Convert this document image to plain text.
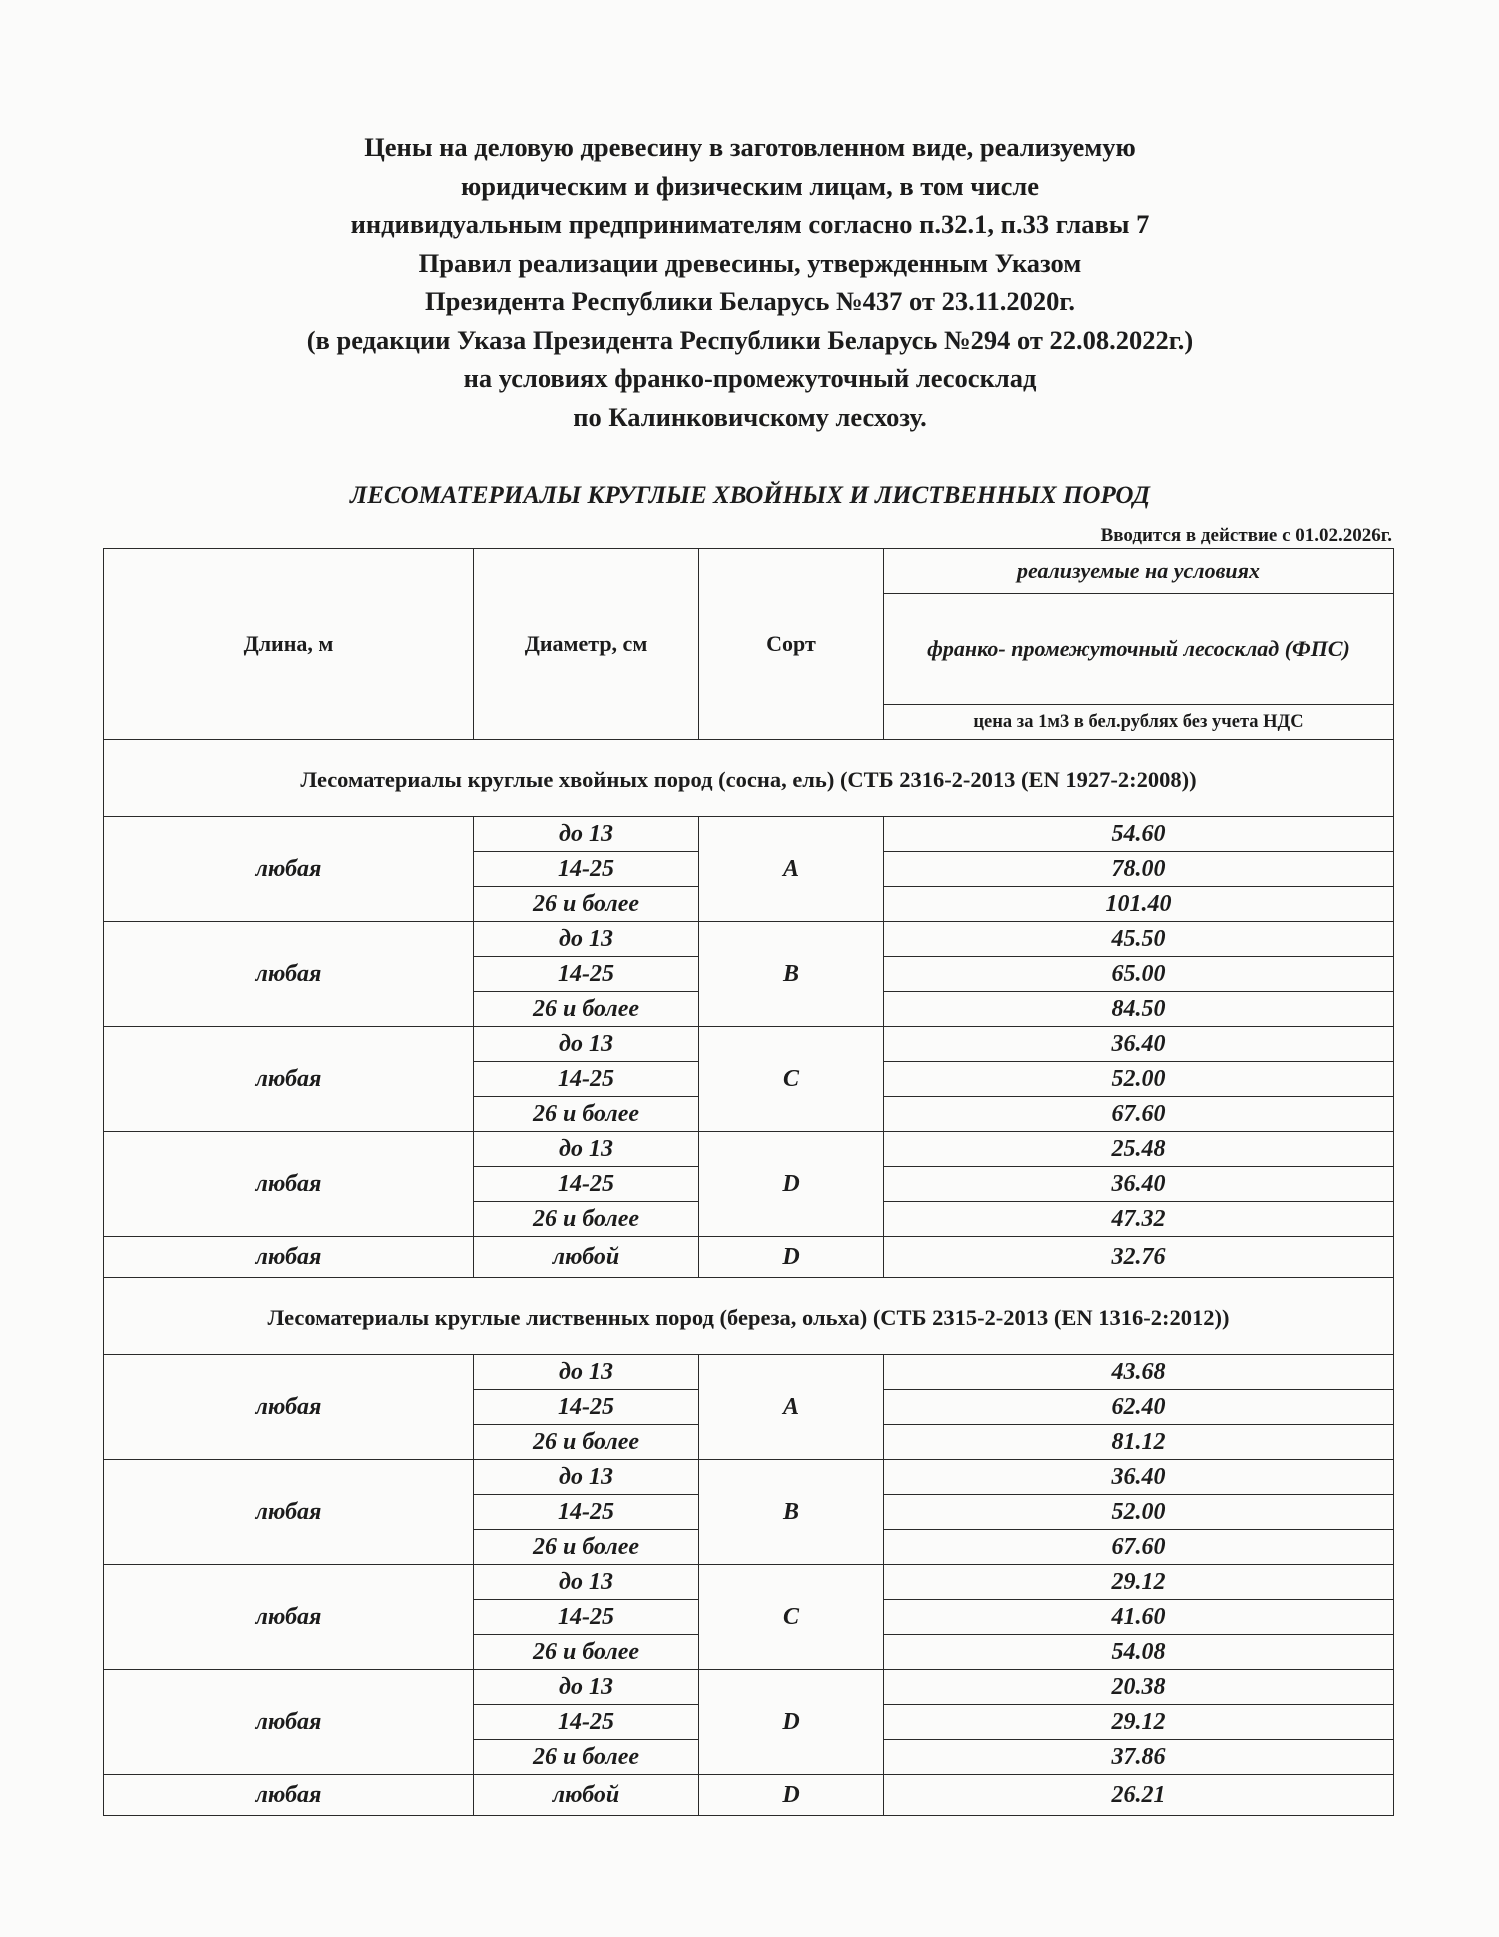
Цены на деловую древесину в заготовленном виде, реализуемую
юридическим и физическим лицам, в том числе
индивидуальным предпринимателям согласно п.32.1, п.33 главы 7
Правил реализации древесины, утвержденным Указом
Президента Республики Беларусь №437 от 23.11.2020г.
(в редакции Указа Президента Республики Беларусь №294 от 22.08.2022г.)
на условиях франко-промежуточный лесосклад
по Калинковичскому лесхозу.
ЛЕСОМАТЕРИАЛЫ КРУГЛЫЕ ХВОЙНЫХ И ЛИСТВЕННЫХ ПОРОД
Вводится в действие с 01.02.2026г.
Длина, м	Диаметр, см	Сорт	реализуемые на условиях
			франко- промежуточный лесосклад (ФПС)
			цена за 1м3 в бел.рублях без учета НДС
Лесоматериалы круглые хвойных пород (сосна, ель) (СТБ 2316-2-2013 (EN 1927-2:2008))			
любая	до 13	A	54.60
	14-25		78.00
	26 и более		101.40
любая	до 13	B	45.50
	14-25		65.00
	26 и более		84.50
любая	до 13	C	36.40
	14-25		52.00
	26 и более		67.60
любая	до 13	D	25.48
	14-25		36.40
	26 и более		47.32
любая	любой	D	32.76
Лесоматериалы круглые лиственных пород (береза, ольха) (СТБ 2315-2-2013 (EN 1316-2:2012))			
любая	до 13	A	43.68
	14-25		62.40
	26 и более		81.12
любая	до 13	B	36.40
	14-25		52.00
	26 и более		67.60
любая	до 13	C	29.12
	14-25		41.60
	26 и более		54.08
любая	до 13	D	20.38
	14-25		29.12
	26 и более		37.86
любая	любой	D	26.21
